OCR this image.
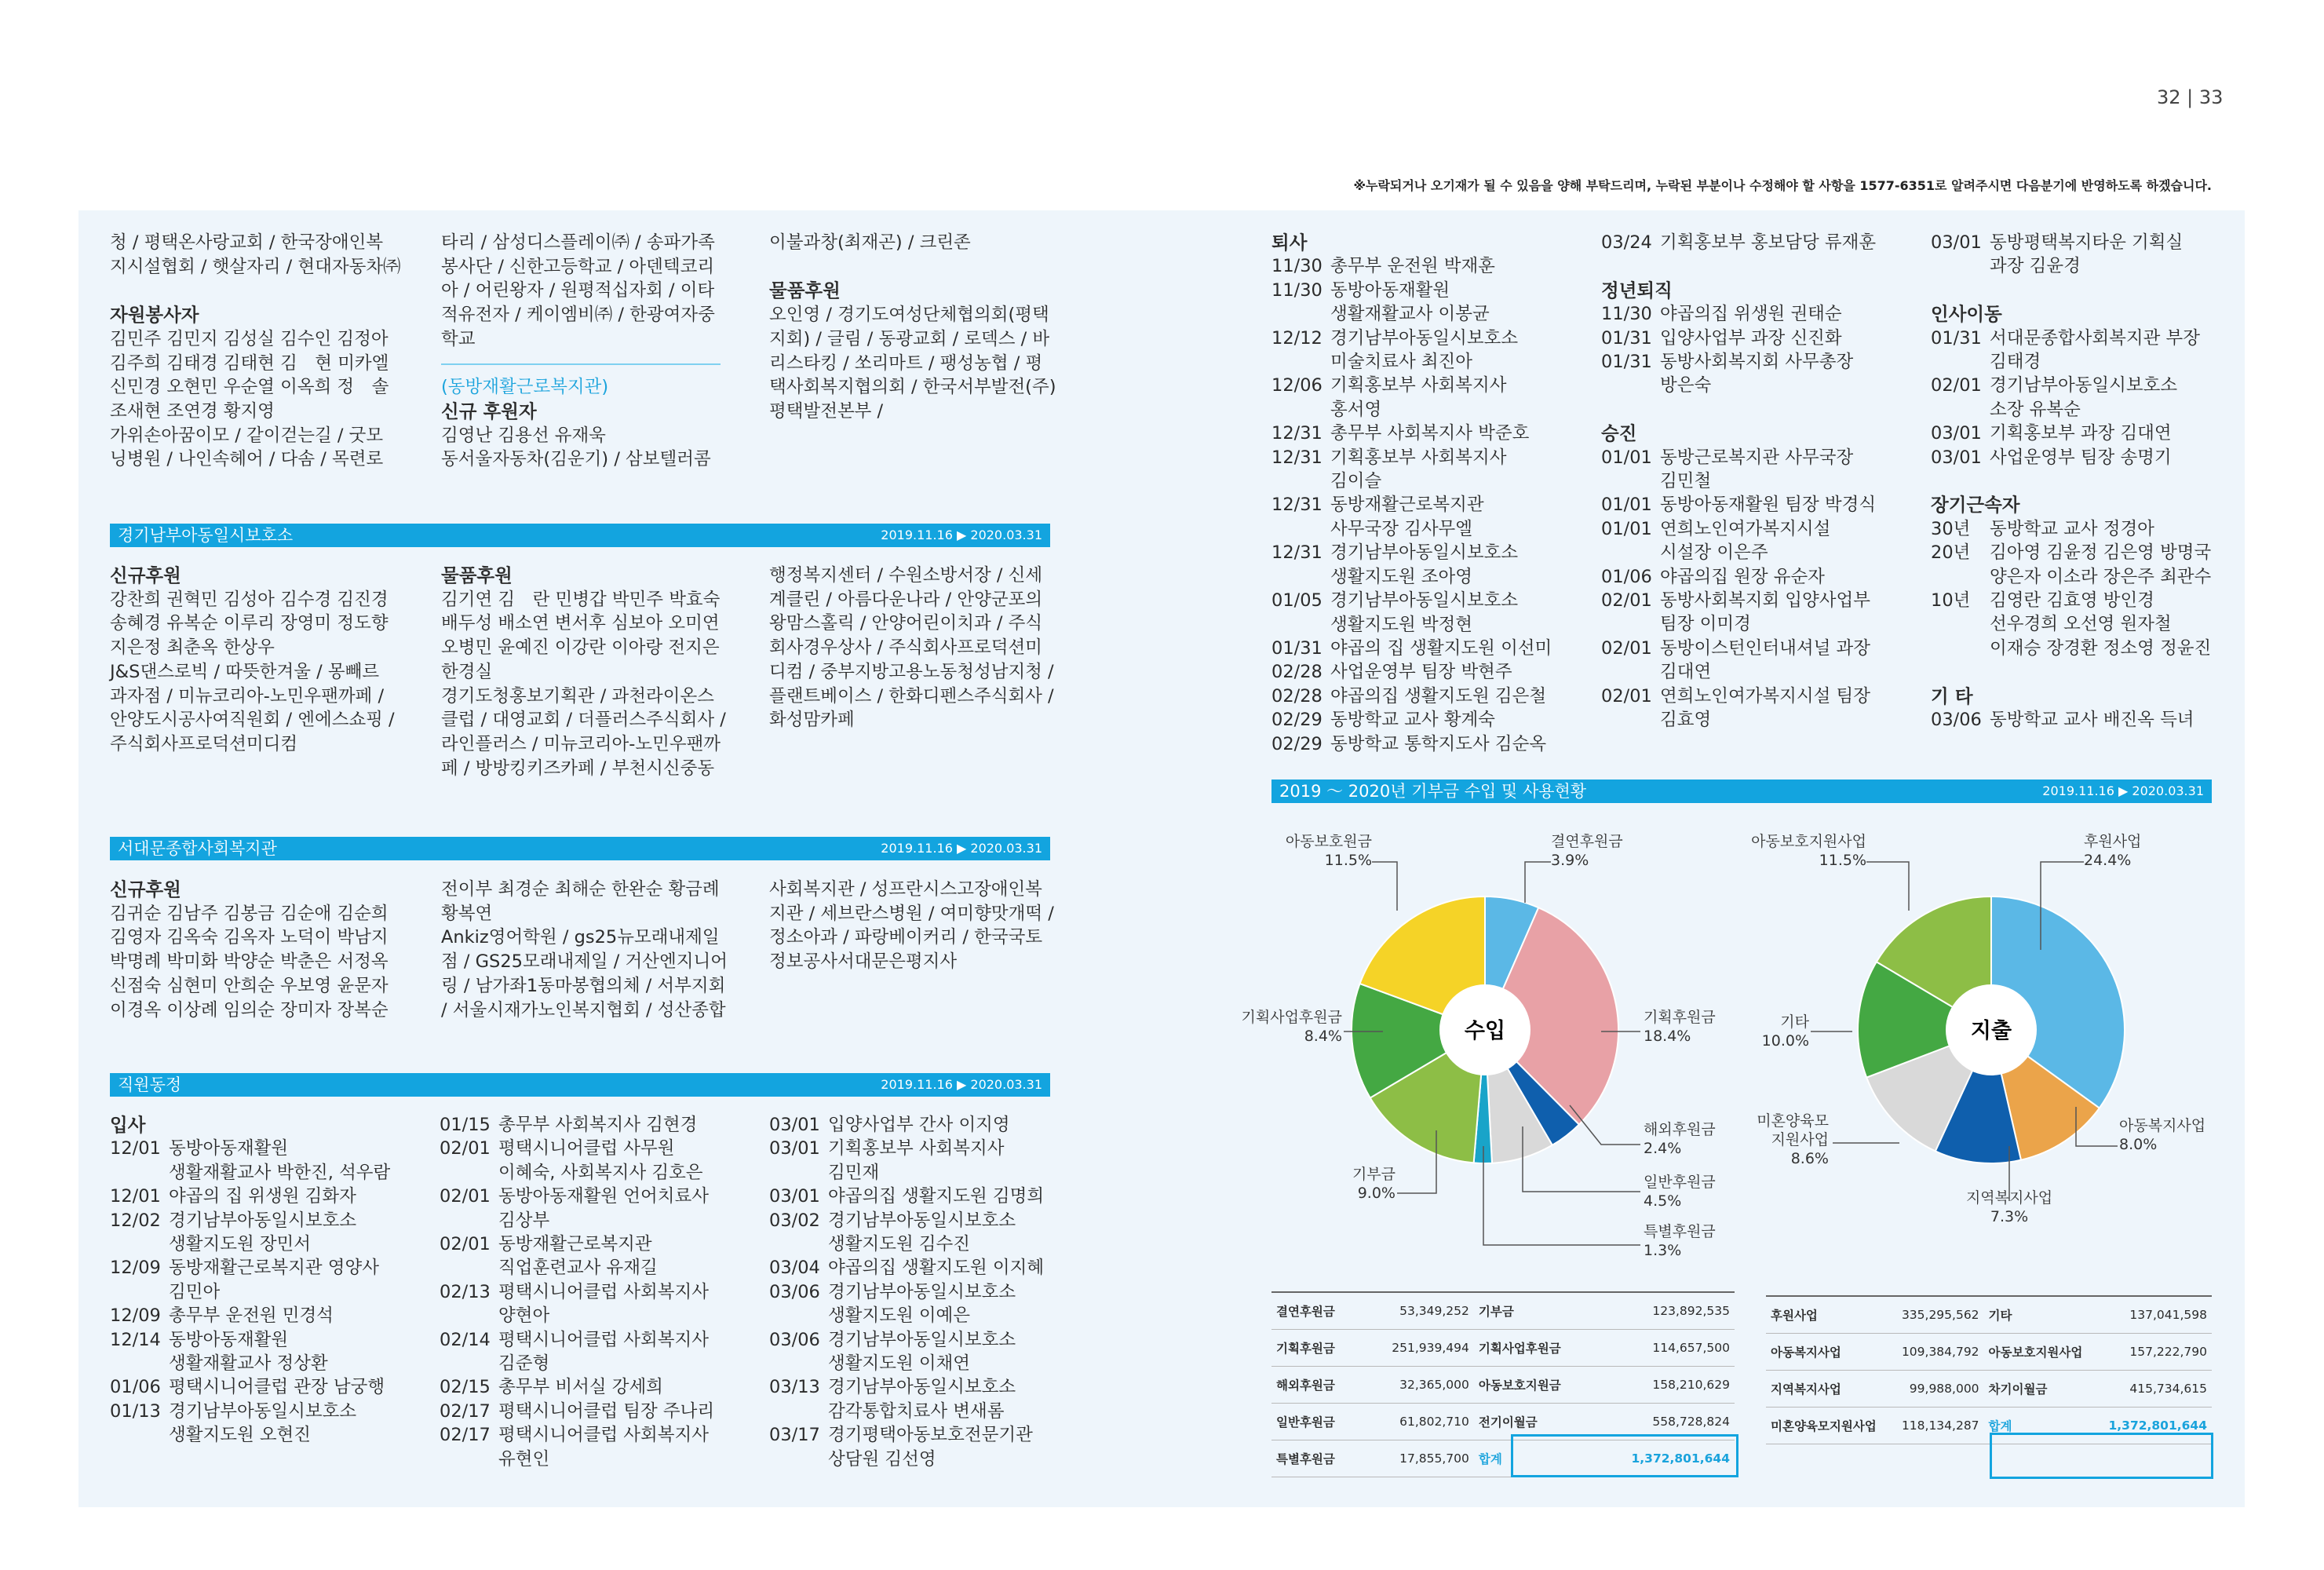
32 | 33
※누락되거나 오기재가 될 수 있음을 양해 부탁드리며, 누락된 부분이나 수정해야 할 사항을 1577-6351로 알려주시면 다음분기에 반영하도록 하겠습니다.
청 / 평택온사랑교회 / 한국장애인복
지시설협회 / 햇살자리 / 현대자동차㈜
자원봉사자
김민주 김민지 김성실 김수인 김정아
김주희 김태경 김태현 김　현 미카엘
신민경 오현민 우순열 이옥희 정　솔
조새현 조연경 황지영
가위손아꿈이모 / 같이걷는길 / 굿모
닝병원 / 나인속헤어 / 다솜 / 목련로
타리 / 삼성디스플레이㈜ / 송파가족
봉사단 / 신한고등학교 / 아덴텍코리
아 / 어린왕자 / 원평적십자회 / 이타
적유전자 / 케이엠비㈜ / 한광여자중
학교
(동방재활근로복지관)
신규 후원자
김영난 김용선 유재욱
동서울자동차(김운기) / 삼보텔러콤
이불과창(최재곤) / 크린존
물품후원
오인영 / 경기도여성단체협의회(평택
지회) / 글림 / 동광교회 / 로덱스 / 바
리스타킹 / 쏘리마트 / 팽성농협 / 평
택사회복지협의회 / 한국서부발전(주)
평택발전본부 /
경기남부아동일시보호소	2019.11.16 ▶ 2020.03.31
신규후원
강찬희 권혁민 김성아 김수경 김진경
송혜경 유복순 이루리 장영미 정도향
지은정 최춘옥 한상우
J&S댄스로빅 / 따뜻한겨울 / 몽빼르
과자점 / 미뉴코리아-노민우팬까페 /
안양도시공사여직원회 / 엔에스쇼핑 /
주식회사프로덕션미디컴
물품후원
김기연 김　란 민병갑 박민주 박효숙
배두성 배소연 변서후 심보아 오미연
오병민 윤예진 이강란 이아랑 전지은
한경실
경기도청홍보기획관 / 과천라이온스
클럽 / 대영교회 / 더플러스주식회사 /
라인플러스 / 미뉴코리아-노민우팬까
페 / 방방킹키즈카페 / 부천시신중동
행정복지센터 / 수원소방서장 / 신세
계클린 / 아름다운나라 / 안양군포의
왕맘스홀릭 / 안양어린이치과 / 주식
회사경우상사 / 주식회사프로덕션미
디컴 / 중부지방고용노동청성남지청 /
플랜트베이스 / 한화디펜스주식회사 /
화성맘카페
서대문종합사회복지관	2019.11.16 ▶ 2020.03.31
신규후원
김귀순 김남주 김봉금 김순애 김순희
김영자 김옥숙 김옥자 노덕이 박남지
박명례 박미화 박양순 박춘은 서정옥
신점숙 심현미 안희순 우보영 윤문자
이경옥 이상례 임의순 장미자 장복순
전이부 최경순 최해순 한완순 황금례
황복연
Ankiz영어학원 / gs25뉴모래내제일
점 / GS25모래내제일 / 거산엔지니어
링 / 남가좌1동마봉협의체 / 서부지회
/ 서울시재가노인복지협회 / 성산종합
사회복지관 / 성프란시스고장애인복
지관 / 세브란스병원 / 여미향맛개떡 /
정소아과 / 파랑베이커리 / 한국국토
정보공사서대문은평지사
직원동정	2019.11.16 ▶ 2020.03.31
입사
12/01 동방아동재활원
생활재활교사 박한진, 석우람
12/01 야곱의 집 위생원 김화자
12/02 경기남부아동일시보호소
생활지도원 장민서
12/09 동방재활근로복지관 영양사
김민아
12/09 총무부 운전원 민경석
12/14 동방아동재활원
생활재활교사 정상환
01/06 평택시니어클럽 관장 남궁행
01/13 경기남부아동일시보호소
생활지도원 오현진
01/15 총무부 사회복지사 김현경
02/01 평택시니어클럽 사무원
이혜숙, 사회복지사 김호은
02/01 동방아동재활원 언어치료사
김상부
02/01 동방재활근로복지관
직업훈련교사 유재길
02/13 평택시니어클럽 사회복지사
양현아
02/14 평택시니어클럽 사회복지사
김준형
02/15 총무부 비서실 강세희
02/17 평택시니어클럽 팀장 주나리
02/17 평택시니어클럽 사회복지사
유현인
03/01 입양사업부 간사 이지영
03/01 기획홍보부 사회복지사
김민재
03/01 야곱의집 생활지도원 김명희
03/02 경기남부아동일시보호소
생활지도원 김수진
03/04 야곱의집 생활지도원 이지혜
03/06 경기남부아동일시보호소
생활지도원 이예은
03/06 경기남부아동일시보호소
생활지도원 이채연
03/13 경기남부아동일시보호소
감각통합치료사 변새롬
03/17 경기평택아동보호전문기관
상담원 김선영
퇴사
11/30 총무부 운전원 박재훈
11/30 동방아동재활원
생활재활교사 이봉균
12/12 경기남부아동일시보호소
미술치료사 최진아
12/06 기획홍보부 사회복지사
홍서영
12/31 총무부 사회복지사 박준호
12/31 기획홍보부 사회복지사
김이슬
12/31 동방재활근로복지관
사무국장 김사무엘
12/31 경기남부아동일시보호소
생활지도원 조아영
01/05 경기남부아동일시보호소
생활지도원 박정현
01/31 야곱의 집 생활지도원 이선미
02/28 사업운영부 팀장 박현주
02/28 야곱의집 생활지도원 김은철
02/29 동방학교 교사 황계숙
02/29 동방학교 통학지도사 김순옥
03/24 기획홍보부 홍보담당 류재훈
정년퇴직
11/30 야곱의집 위생원 권태순
01/31 입양사업부 과장 신진화
01/31 동방사회복지회 사무총장
방은숙
승진
01/01 동방근로복지관 사무국장
김민철
01/01 동방아동재활원 팀장 박경식
01/01 연희노인여가복지시설
시설장 이은주
01/06 야곱의집 원장 유순자
02/01 동방사회복지회 입양사업부
팀장 이미경
02/01 동방이스턴인터내셔널 과장
김대연
02/01 연희노인여가복지시설 팀장
김효영
03/01 동방평택복지타운 기획실
과장 김윤경
인사이동
01/31 서대문종합사회복지관 부장
김태경
02/01 경기남부아동일시보호소
소장 유복순
03/01 기획홍보부 과장 김대연
03/01 사업운영부 팀장 송명기
장기근속자
30년	동방학교 교사 정경아
20년	김아영 김윤정 김은영 방명국
양은자 이소라 장은주 최관수
10년	김영란 김효영 방인경
선우경희 오선영 원자철
이재승 장경환 정소영 정윤진
기 타
03/06 동방학교 교사 배진옥 득녀
2019 ～ 2020년 기부금 수입 및 사용현황	2019.11.16 ▶ 2020.03.31
결연후원금 3.9%
기획후원금 18.4%
해외후원금 2.4%
일반후원금 4.5%
특별후원금 1.3%
기부금 9.0%
기획사업후원금 8.4%
아동보호원금 11.5%
수입
후원사업 24.4%
아동복지사업 8.0%
지역복지사업 7.3%
미혼양육모 지원사업 8.6%
기타 10.0%
아동보호지원사업 11.5%
지출
결연후원금	53,349,252	기부금	123,892,535
기획후원금	251,939,494	기획사업후원금	114,657,500
해외후원금	32,365,000	아동보호지원금	158,210,629
일반후원금	61,802,710	전기이월금	558,728,824
특별후원금	17,855,700	합계	1,372,801,644
후원사업	335,295,562	기타	137,041,598
아동복지사업	109,384,792	아동보호지원사업	157,222,790
지역복지사업	99,988,000	차기이월금	415,734,615
미혼양육모지원사업	118,134,287	합계	1,372,801,644
